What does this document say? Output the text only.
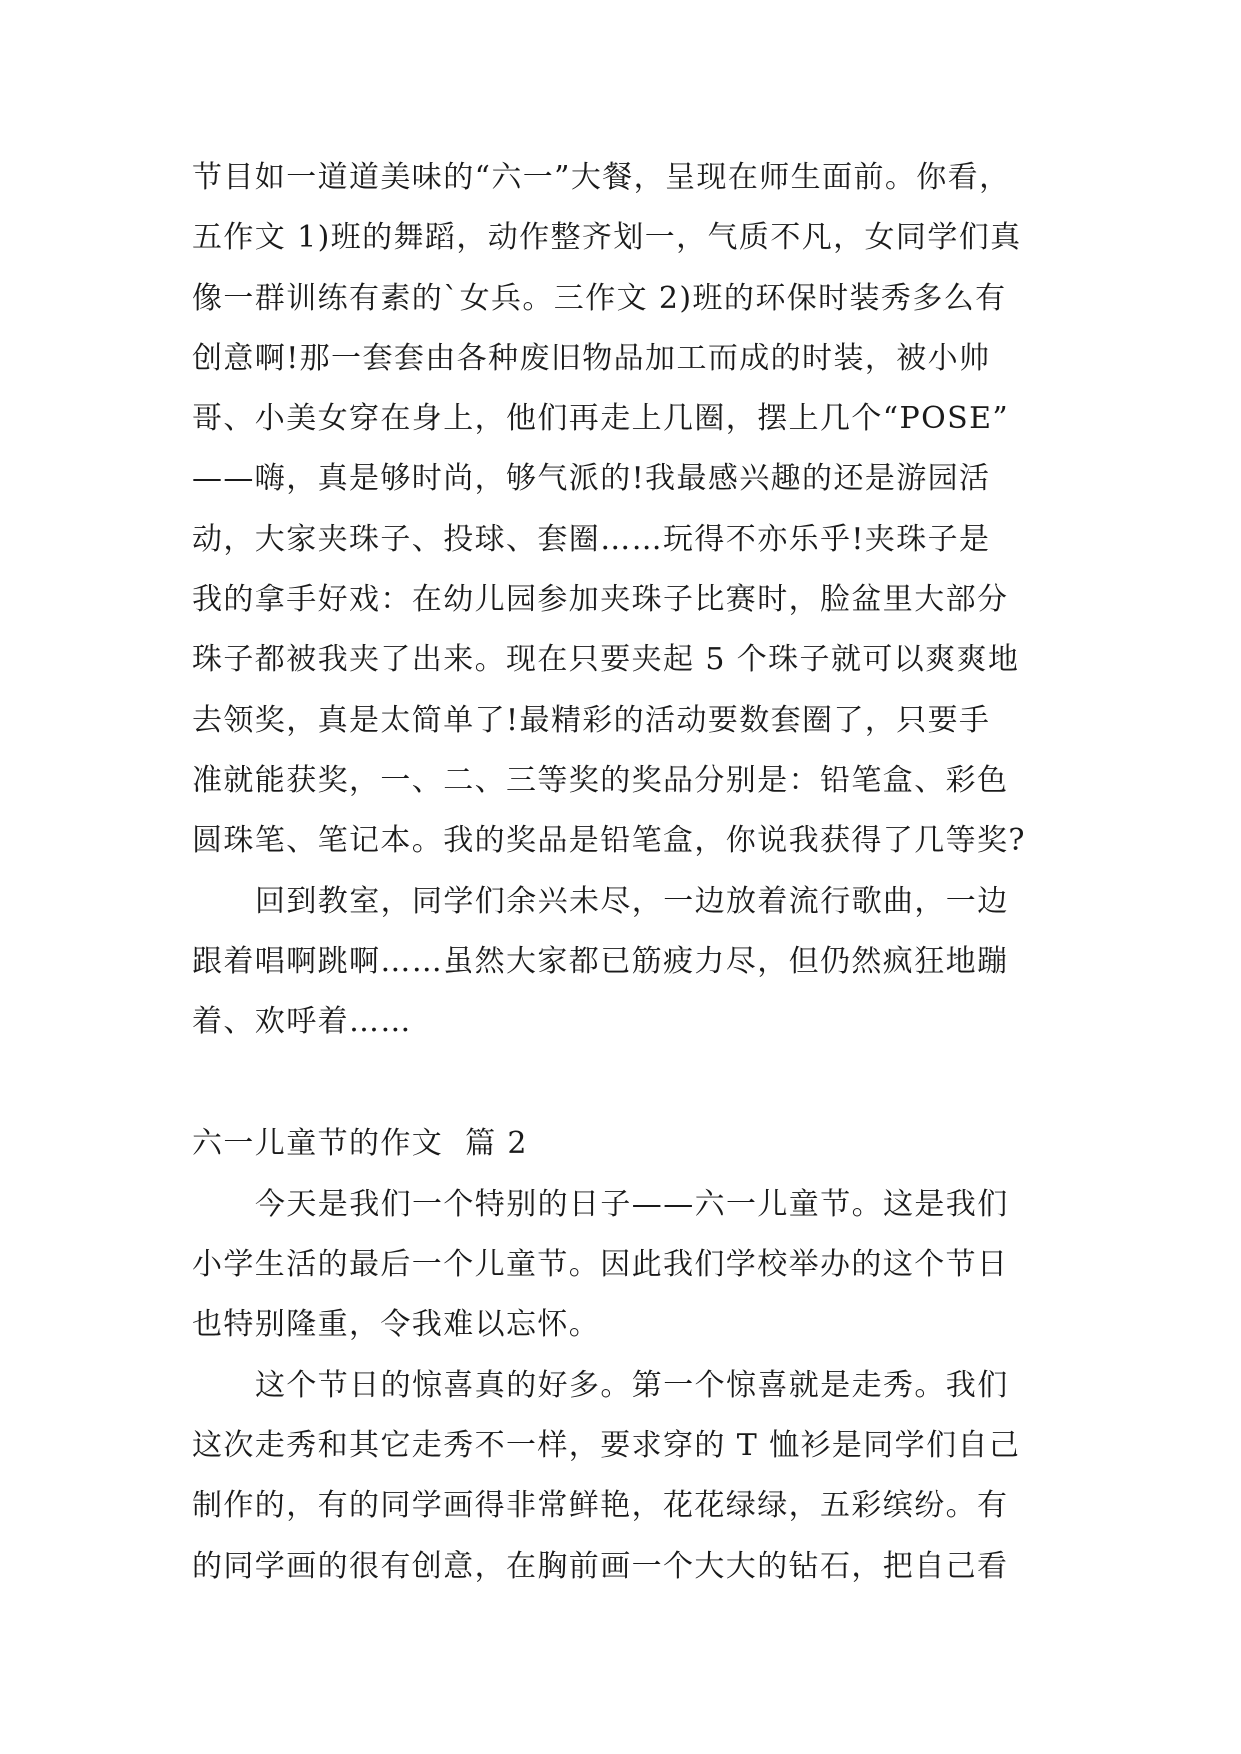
节目如一道道美味的“六一”大餐，呈现在师生面前。你看，
五作文 1)班的舞蹈，动作整齐划一，气质不凡，女同学们真
像一群训练有素的`女兵。三作文 2)班的环保时装秀多么有
创意啊!那一套套由各种废旧物品加工而成的时装，被小帅
哥、小美女穿在身上，他们再走上几圈，摆上几个“POSE”
——嗨，真是够时尚，够气派的!我最感兴趣的还是游园活
动，大家夹珠子、投球、套圈……玩得不亦乐乎!夹珠子是
我的拿手好戏：在幼儿园参加夹珠子比赛时，脸盆里大部分
珠子都被我夹了出来。现在只要夹起 5 个珠子就可以爽爽地
去领奖，真是太简单了!最精彩的活动要数套圈了，只要手
准就能获奖，一、二、三等奖的奖品分别是：铅笔盒、彩色
圆珠笔、笔记本。我的奖品是铅笔盒，你说我获得了几等奖?
回到教室，同学们余兴未尽，一边放着流行歌曲，一边
跟着唱啊跳啊……虽然大家都已筋疲力尽，但仍然疯狂地蹦
着、欢呼着……
六一儿童节的作文  篇 2
今天是我们一个特别的日子——六一儿童节。这是我们
小学生活的最后一个儿童节。因此我们学校举办的这个节日
也特别隆重，令我难以忘怀。
这个节日的惊喜真的好多。第一个惊喜就是走秀。我们
这次走秀和其它走秀不一样，要求穿的 T 恤衫是同学们自己
制作的，有的同学画得非常鲜艳，花花绿绿，五彩缤纷。有
的同学画的很有创意，在胸前画一个大大的钻石，把自己看
